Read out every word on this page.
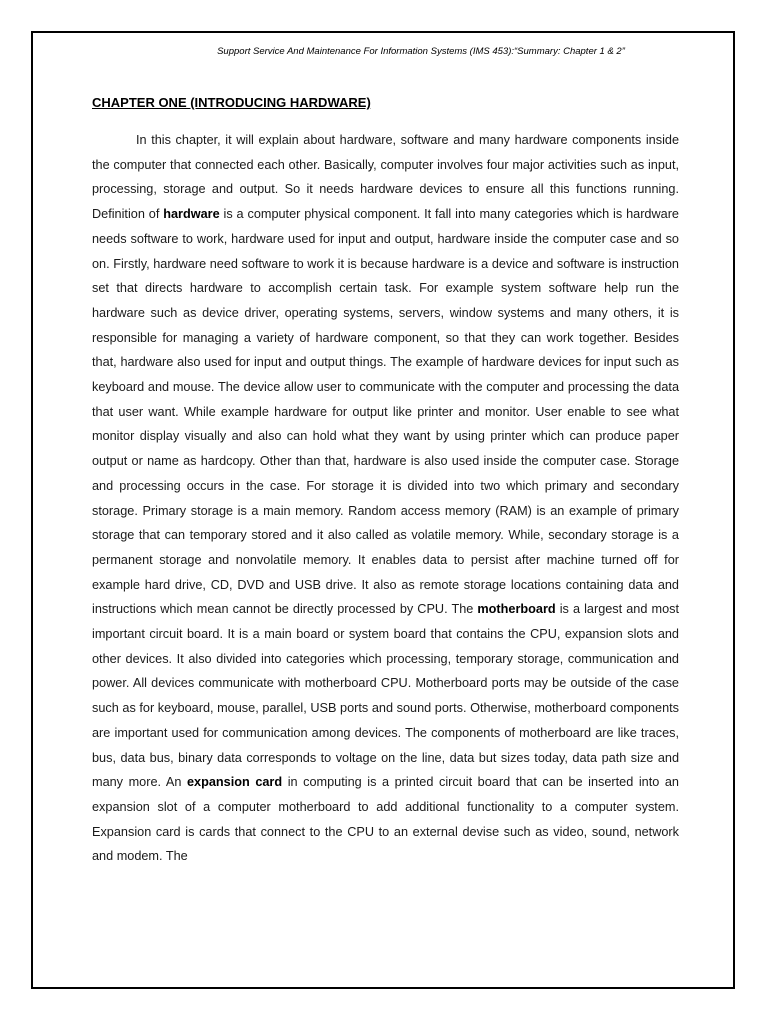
Support Service And Maintenance For Information Systems (IMS 453):“Summary: Chapter 1 & 2”
CHAPTER ONE (INTRODUCING HARDWARE)

In this chapter, it will explain about hardware, software and many hardware components inside the computer that connected each other. Basically, computer involves four major activities such as input, processing, storage and output. So it needs hardware devices to ensure all this functions running. Definition of hardware is a computer physical component. It fall into many categories which is hardware needs software to work, hardware used for input and output, hardware inside the computer case and so on. Firstly, hardware need software to work it is because hardware is a device and software is instruction set that directs hardware to accomplish certain task. For example system software help run the hardware such as device driver, operating systems, servers, window systems and many others, it is responsible for managing a variety of hardware component, so that they can work together. Besides that, hardware also used for input and output things. The example of hardware devices for input such as keyboard and mouse. The device allow user to communicate with the computer and processing the data that user want. While example hardware for output like printer and monitor. User enable to see what monitor display visually and also can hold what they want by using printer which can produce paper output or name as hardcopy. Other than that, hardware is also used inside the computer case. Storage and processing occurs in the case. For storage it is divided into two which primary and secondary storage. Primary storage is a main memory. Random access memory (RAM) is an example of primary storage that can temporary stored and it also called as volatile memory. While, secondary storage is a permanent storage and nonvolatile memory. It enables data to persist after machine turned off for example hard drive, CD, DVD and USB drive. It also as remote storage locations containing data and instructions which mean cannot be directly processed by CPU. The motherboard is a largest and most important circuit board. It is a main board or system board that contains the CPU, expansion slots and other devices. It also divided into categories which processing, temporary storage, communication and power. All devices communicate with motherboard CPU. Motherboard ports may be outside of the case such as for keyboard, mouse, parallel, USB ports and sound ports. Otherwise, motherboard components are important used for communication among devices. The components of motherboard are like traces, bus, data bus, binary data corresponds to voltage on the line, data but sizes today, data path size and many more. An expansion card in computing is a printed circuit board that can be inserted into an expansion slot of a computer motherboard to add additional functionality to a computer system. Expansion card is cards that connect to the CPU to an external devise such as video, sound, network and modem. The
